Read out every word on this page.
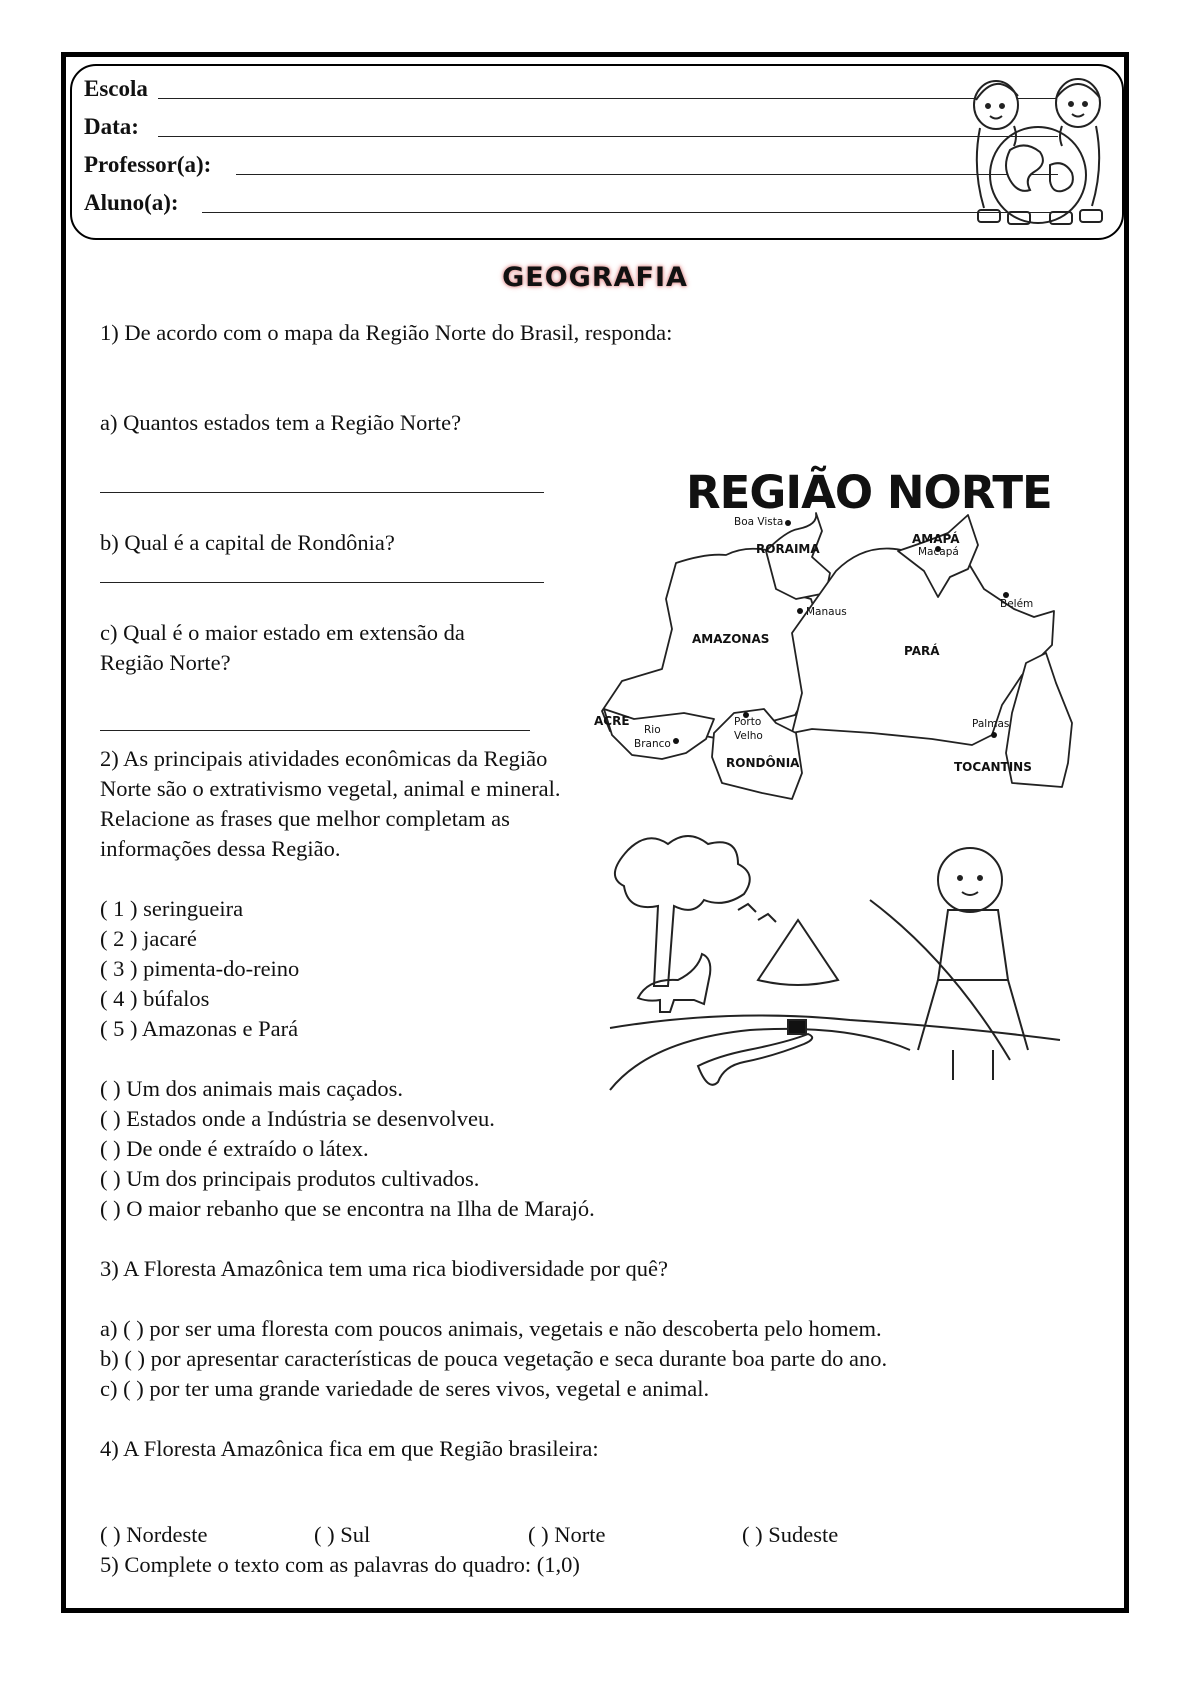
Escola
Data:
Professor(a):
Aluno(a):
GEOGRAFIA
1) De acordo com o mapa da Região Norte do Brasil, responda:
a) Quantos estados tem a Região Norte?
b) Qual é a capital de Rondônia?
c) Qual é o maior estado em extensão da
Região Norte?
REGIÃO NORTE
RORAIMA
AMAPÁ
AMAZONAS
PARÁ
ACRE
RONDÔNIA	TOCANTINS
Boa Vista
Macapá
Manaus
Belém
Rio
Branco
Porto
Velho
Palmas
2) As principais atividades econômicas da Região
Norte são o extrativismo vegetal, animal e mineral.
Relacione as frases que melhor completam as
informações dessa Região.
( 1 ) seringueira
( 2 ) jacaré
( 3 ) pimenta-do-reino
( 4 ) búfalos
( 5 ) Amazonas e Pará
( ) Um dos animais mais caçados.
( ) Estados onde a Indústria se desenvolveu.
( ) De onde é extraído o látex.
( ) Um dos principais produtos cultivados.
( ) O maior rebanho que se encontra na Ilha de Marajó.
3) A Floresta Amazônica tem uma rica biodiversidade por quê?
a) ( ) por ser uma floresta com poucos animais, vegetais e não descoberta pelo homem.
b) ( ) por apresentar características de pouca vegetação e seca durante boa parte do ano.
c) ( ) por ter uma grande variedade de seres vivos, vegetal e animal.
4) A Floresta Amazônica fica em que Região brasileira:
( ) Nordeste	( ) Sul	( ) Norte	( ) Sudeste
5) Complete o texto com as palavras do quadro: (1,0)
